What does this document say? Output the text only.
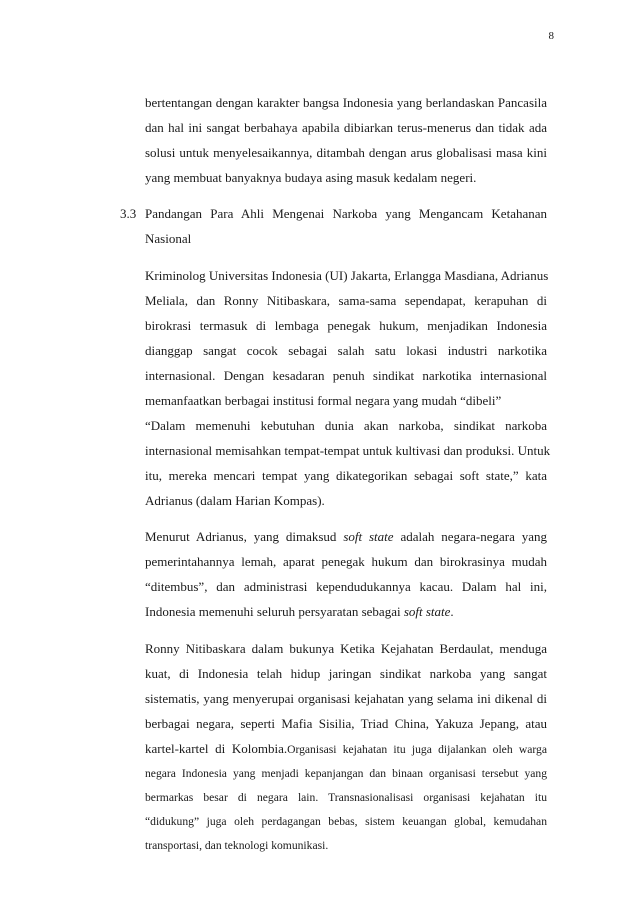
8
bertentangan dengan karakter bangsa Indonesia yang berlandaskan Pancasila
dan hal ini sangat berbahaya apabila dibiarkan terus-menerus dan tidak ada
solusi untuk menyelesaikannya, ditambah dengan arus globalisasi masa kini
yang membuat banyaknya budaya asing masuk kedalam negeri.
3.3 Pandangan Para Ahli Mengenai Narkoba yang Mengancam Ketahanan
Nasional
Kriminolog Universitas Indonesia (UI) Jakarta, Erlangga Masdiana, Adrianus
Meliala, dan Ronny Nitibaskara, sama-sama sependapat, kerapuhan di
birokrasi termasuk di lembaga penegak hukum, menjadikan Indonesia
dianggap sangat cocok sebagai salah satu lokasi industri narkotika
internasional. Dengan kesadaran penuh sindikat narkotika internasional
memanfaatkan berbagai institusi formal negara yang mudah “dibeli”
“Dalam memenuhi kebutuhan dunia akan narkoba, sindikat narkoba
internasional memisahkan tempat-tempat untuk kultivasi dan produksi. Untuk
itu, mereka mencari tempat yang dikategorikan sebagai soft state,” kata
Adrianus (dalam Harian Kompas).
Menurut Adrianus, yang dimaksud soft state adalah negara-negara yang
pemerintahannya lemah, aparat penegak hukum dan birokrasinya mudah
“ditembus”, dan administrasi kependudukannya kacau. Dalam hal ini,
Indonesia memenuhi seluruh persyaratan sebagai soft state.
Ronny Nitibaskara dalam bukunya Ketika Kejahatan Berdaulat, menduga
kuat, di Indonesia telah hidup jaringan sindikat narkoba yang sangat
sistematis, yang menyerupai organisasi kejahatan yang selama ini dikenal di
berbagai negara, seperti Mafia Sisilia, Triad China, Yakuza Jepang, atau
kartel-kartel di Kolombia.Organisasi kejahatan itu juga dijalankan oleh warga
negara Indonesia yang menjadi kepanjangan dan binaan organisasi tersebut yang
bermarkas besar di negara lain. Transnasionalisasi organisasi kejahatan itu
“didukung” juga oleh perdagangan bebas, sistem keuangan global, kemudahan
transportasi, dan teknologi komunikasi.
